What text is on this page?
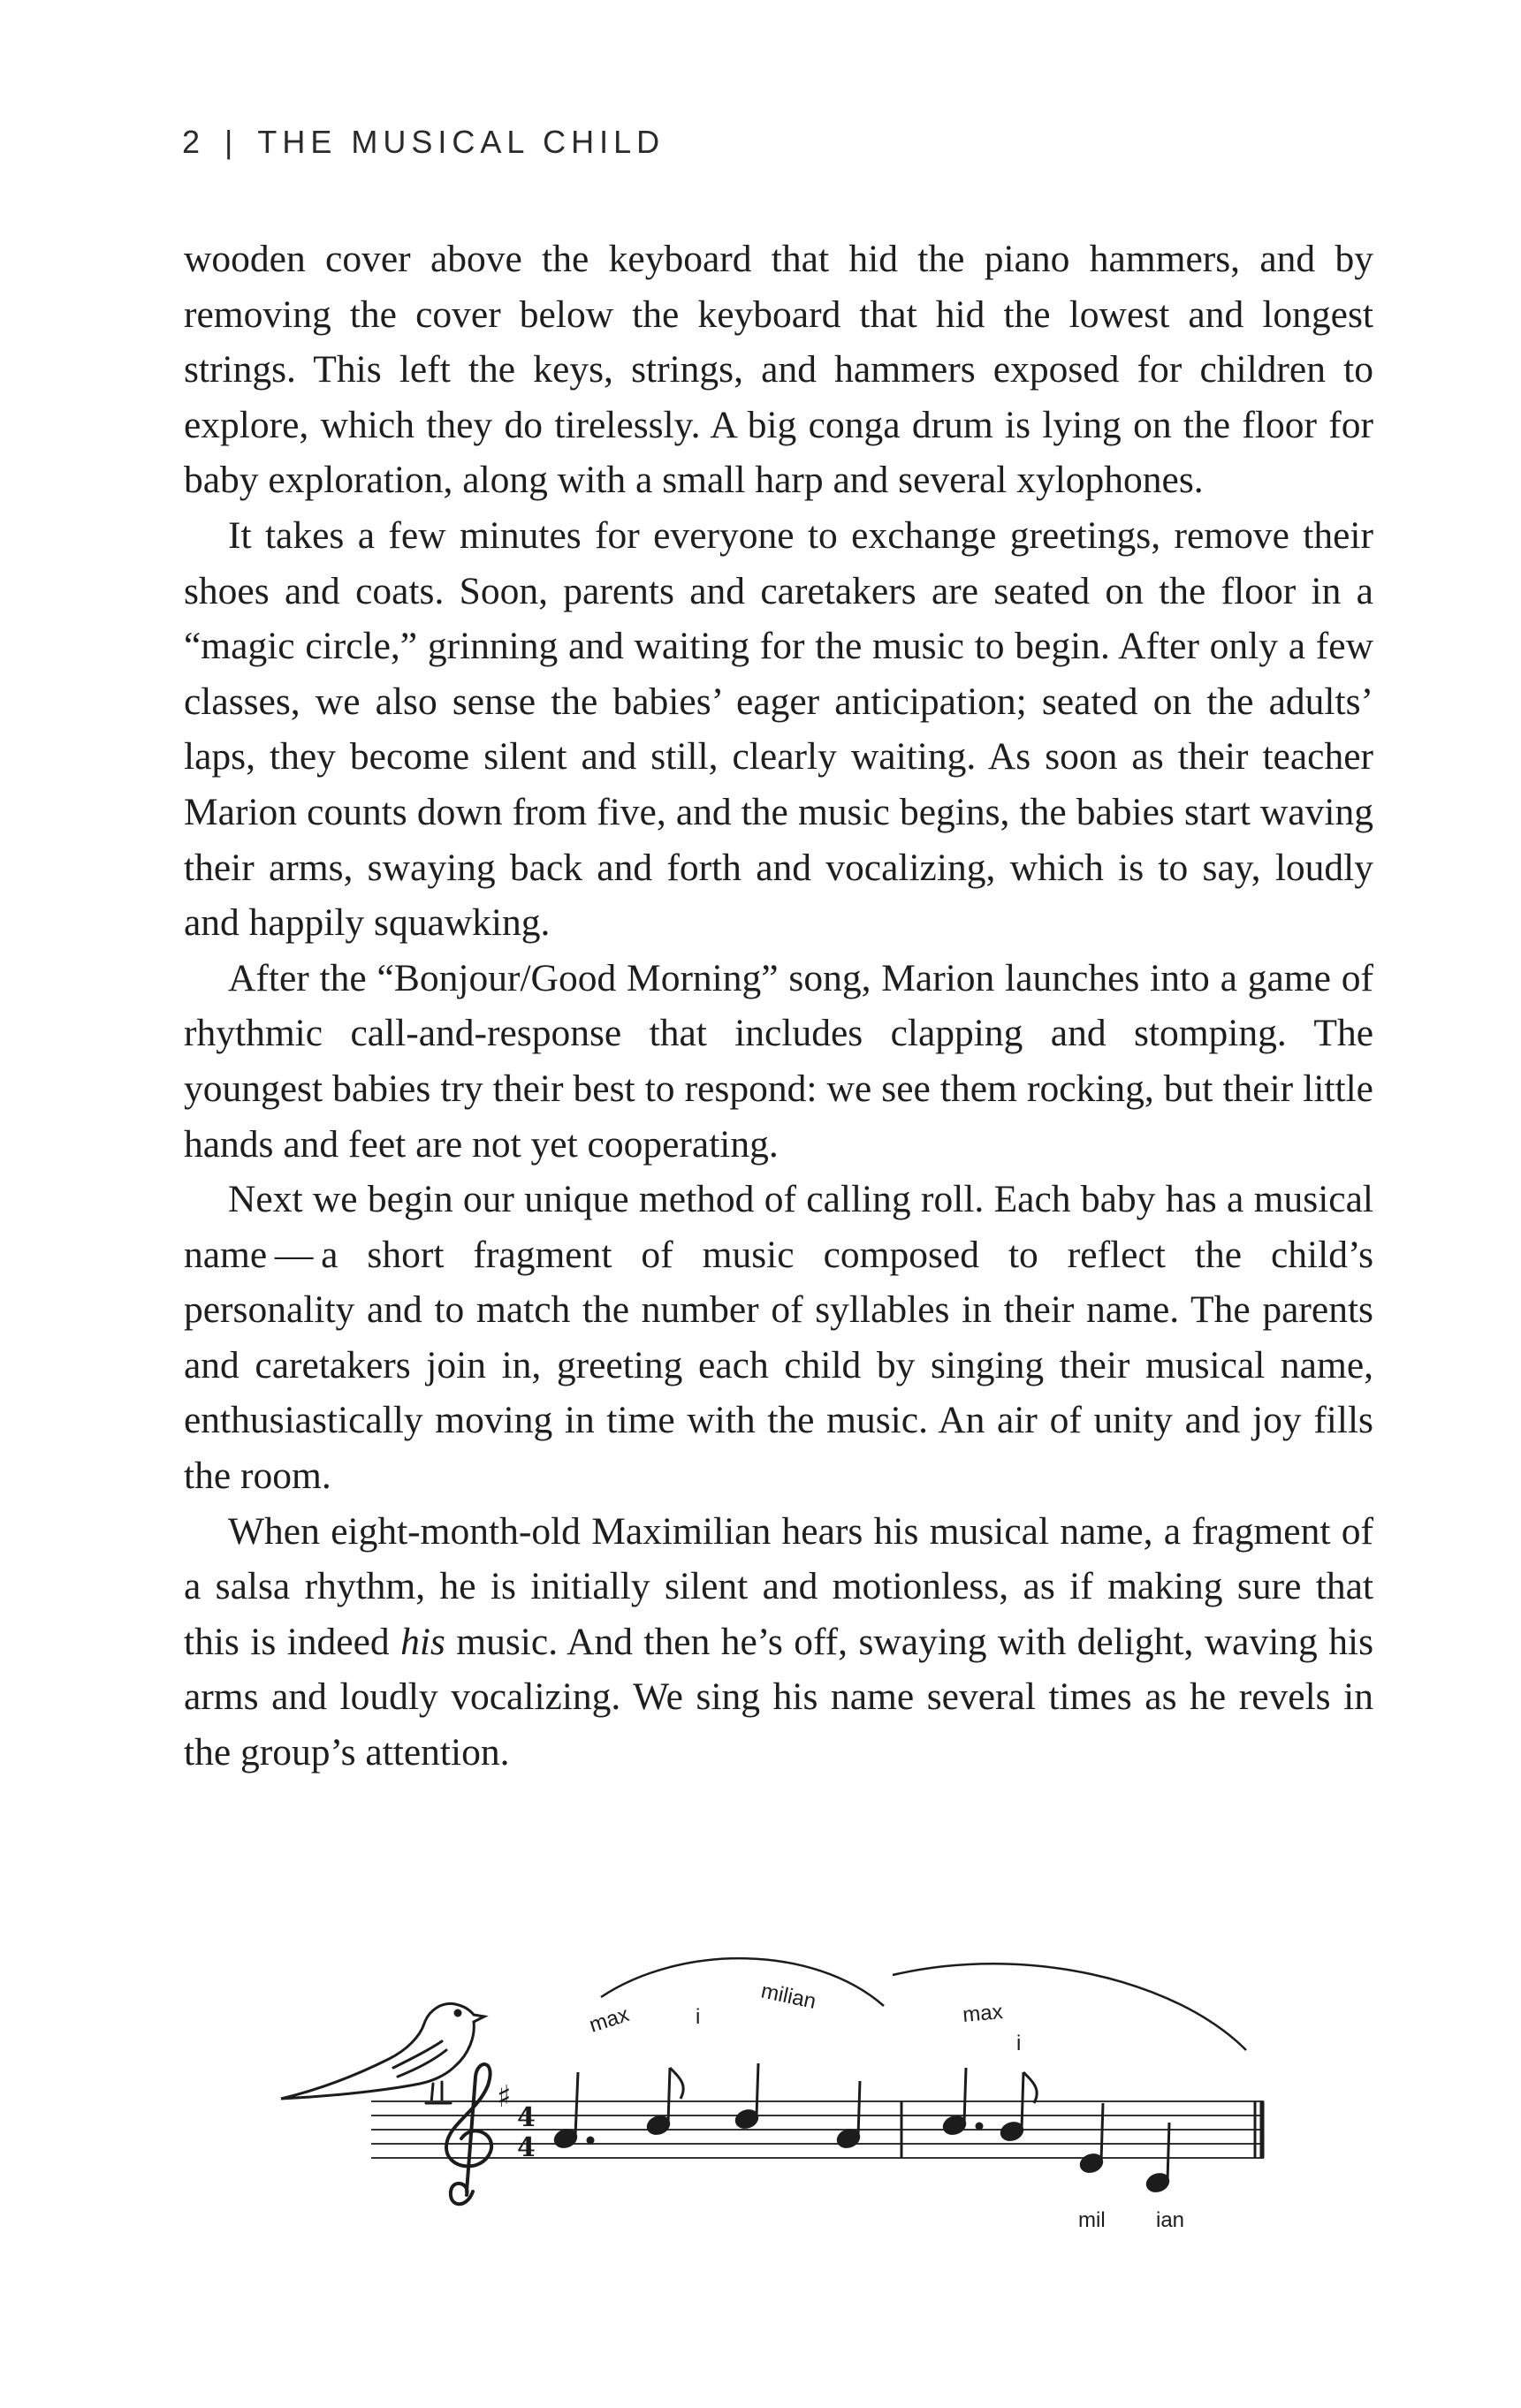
2 | THE MUSICAL CHILD

wooden cover above the keyboard that hid the piano hammers, and by removing the cover below the keyboard that hid the lowest and longest strings. This left the keys, strings, and hammers exposed for children to explore, which they do tirelessly. A big conga drum is lying on the floor for baby exploration, along with a small harp and several xylophones.

It takes a few minutes for everyone to exchange greetings, remove their shoes and coats. Soon, parents and caretakers are seated on the floor in a “magic circle,” grinning and waiting for the music to begin. After only a few classes, we also sense the babies’ eager anticipation; seated on the adults’ laps, they become silent and still, clearly waiting. As soon as their teacher Marion counts down from five, and the music begins, the babies start waving their arms, swaying back and forth and vocalizing, which is to say, loudly and happily squawking.

After the “Bonjour/Good Morning” song, Marion launches into a game of rhythmic call-and-response that includes clapping and stomping. The youngest babies try their best to respond: we see them rocking, but their little hands and feet are not yet cooperating.

Next we begin our unique method of calling roll. Each baby has a musical name — a short fragment of music composed to reflect the child’s personality and to match the number of syllables in their name. The parents and caretakers join in, greeting each child by singing their musical name, enthusiastically moving in time with the music. An air of unity and joy fills the room.

When eight-month-old Maximilian hears his musical name, a fragment of a salsa rhythm, he is initially silent and motionless, as if making sure that this is indeed his music. And then he’s off, swaying with delight, waving his arms and loudly vocalizing. We sing his name several times as he revels in the group’s attention.

♯
4
4
max	i
milian	max
i
mil ian
